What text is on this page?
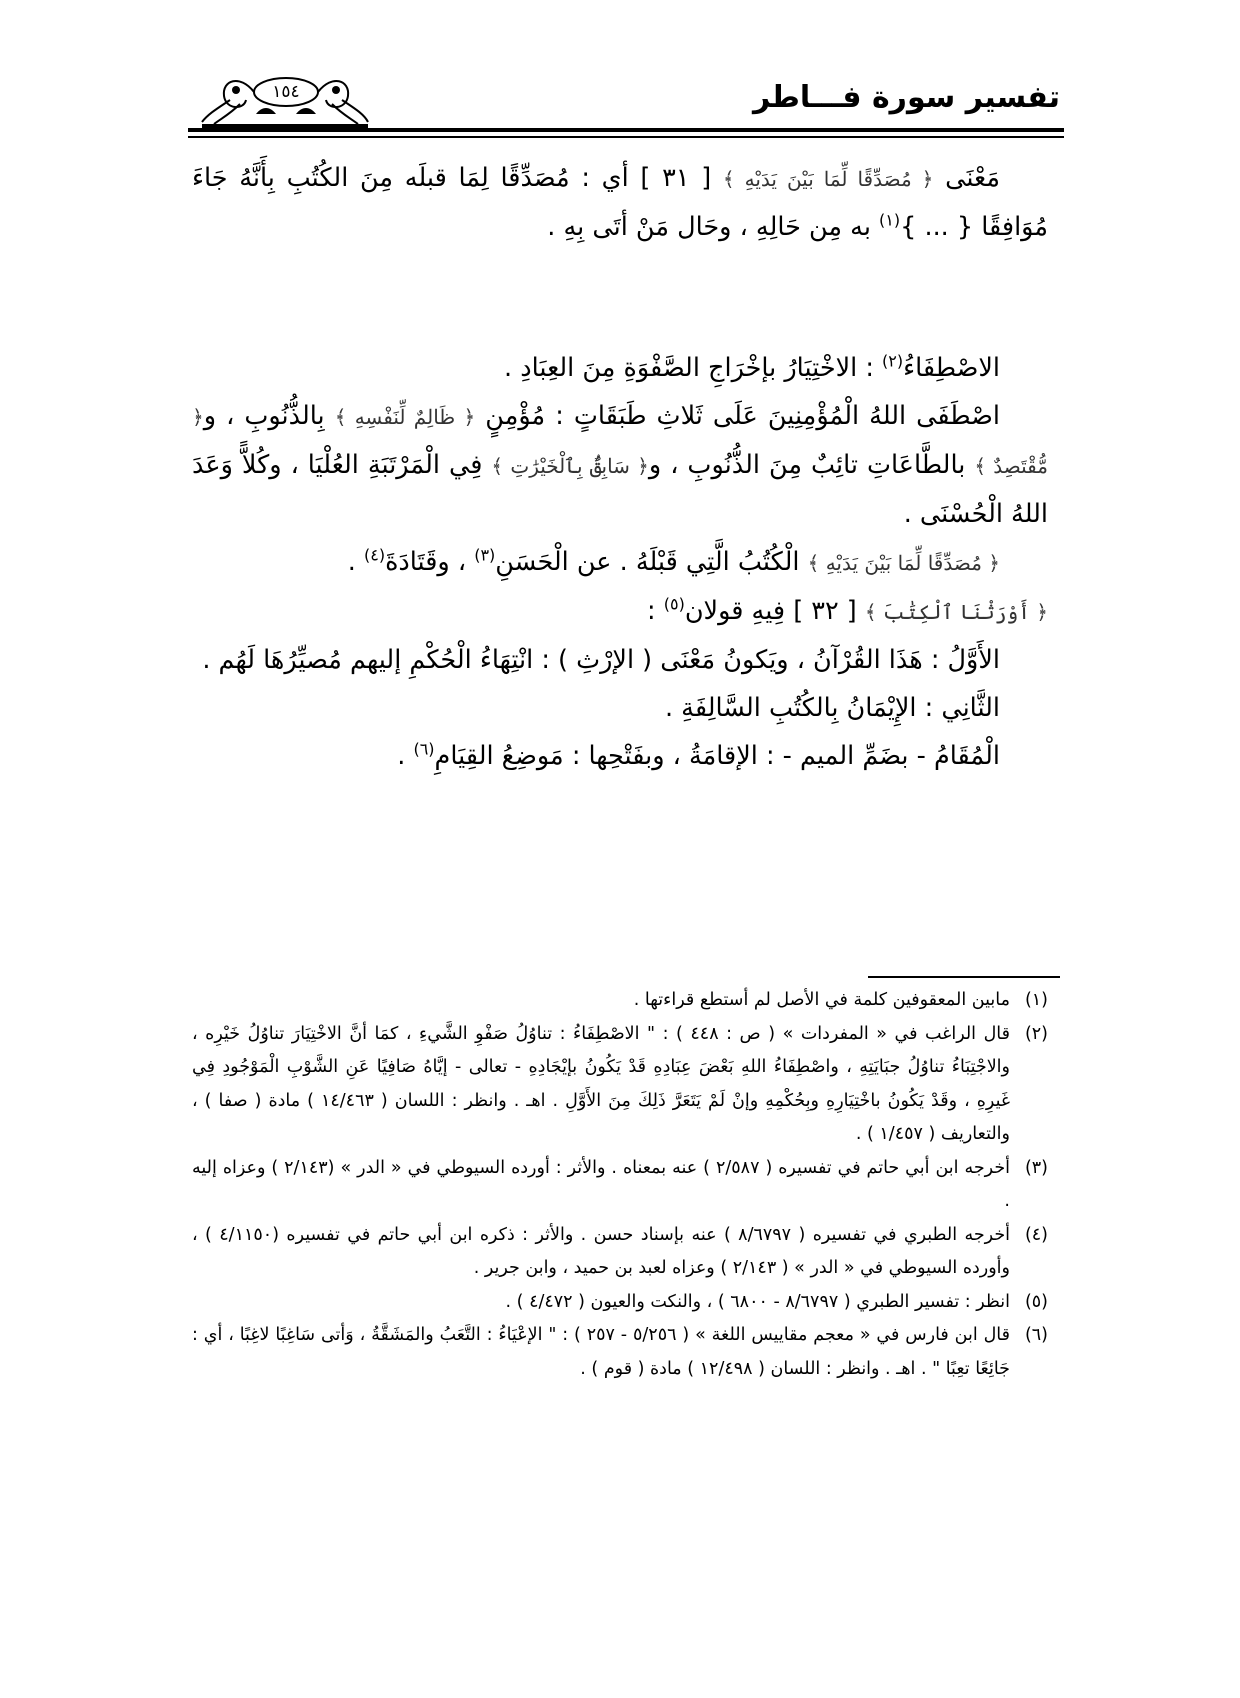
١٥٤	تفسير سورة فـــاطر

مَعْنَى ﴿ مُصَدِّقًا لِّمَا بَيْنَ يَدَيْهِ ﴾ [ ٣١ ] أي : مُصَدِّقًا لِمَا قبلَه مِنَ الكُتُبِ بِأَنَّهُ جَاءَ مُوَافِقًا { ... }$^{(١)}$ به مِن حَالِهِ ، وحَال مَنْ أتَى بِهِ .

الاصْطِفَاءُ$^{(٢)}$ : الاخْتِيَارُ بإخْرَاجِ الصَّفْوَةِ مِنَ العِبَادِ .

اصْطَفَى اللهُ الْمُؤْمِنِينَ عَلَى ثَلاثِ طَبَقَاتٍ : مُؤْمِنٍ ﴿ ظَالِمٌ لِّنَفْسِهِ ﴾ بِالذُّنُوبِ ، و﴿ مُّقْتَصِدٌ ﴾ بالطَّاعَاتِ تائِبٌ مِنَ الذُّنُوبِ ، و﴿ سَابِقٌۢ بِٱلْخَيْرَٰتِ ﴾ فِي الْمَرْتَبَةِ العُلْيَا ، وكُلاًّ وَعَدَ اللهُ الْحُسْنَى .

﴿ مُصَدِّقًا لِّمَا بَيْنَ يَدَيْهِ ﴾ الْكُتُبُ الَّتِي قَبْلَهُ . عن الْحَسَنِ$^{(٣)}$ ، وقَتَادَةَ$^{(٤)}$ .

﴿ أَوْرَثْنَا ٱلْكِتَٰبَ ﴾ [ ٣٢ ] فِيهِ قولان$^{(٥)}$ :

الأَوَّلُ : هَذَا القُرْآنُ ، ويَكونُ مَعْنَى ( الإرْثِ ) : انْتِهَاءُ الْحُكْمِ إليهم مُصيِّرُهَا لَهُم .

الثَّانِي : الإِيْمَانُ بِالكُتُبِ السَّالِفَةِ .

الْمُقَامُ - بضَمِّ الميم - : الإقامَةُ ، وبفَتْحِها : مَوضِعُ القِيَامِ$^{(٦)}$ .

(١)
مابين المعقوفين كلمة في الأصل لم أستطع قراءتها .
(٢)
قال الراغب في « المفردات » ( ص : ٤٤٨ ) : " الاصْطِفَاءُ : تناوُلُ صَفْوِ الشَّيءِ ، كمَا أنَّ الاخْتِيَارَ تناوُلُ خَيْرِه ، والاجْتِبَاءُ تناوُلُ جبَايَتِهِ ، واصْطِفَاءُ اللهِ بَعْضَ عِبَادِهِ قَدْ يَكُونُ بإيْجَادِهِ - تعالى - إيَّاهُ صَافِيًا عَنِ الشَّوْبِ الْمَوْجُودِ فِي غَيرِهِ ، وقَدْ يَكُونُ باخْتِيَارِهِ وبِحُكْمِهِ وإنْ لَمْ يَتَعَرَّ ذَلِكَ مِنَ الأَوَّلِ . اهـ . وانظر : اللسان ( ١٤/٤٦٣ ) مادة ( صفا ) ، والتعاريف ( ١/٤٥٧ ) .
(٣)
أخرجه ابن أبي حاتم في تفسيره ( ٢/٥٨٧ ) عنه بمعناه . والأثر : أورده السيوطي في « الدر » (٢/١٤٣ ) وعزاه إليه .
(٤)
أخرجه الطبري في تفسيره ( ٨/٦٧٩٧ ) عنه بإسناد حسن . والأثر : ذكره ابن أبي حاتم في تفسيره (٤/١١٥٠ ) ، وأورده السيوطي في « الدر » ( ٢/١٤٣ ) وعزاه لعبد بن حميد ، وابن جرير .
(٥)
انظر : تفسير الطبري ( ٨/٦٧٩٧ - ٦٨٠٠ ) ، والنكت والعيون ( ٤/٤٧٢ ) .
(٦)
قال ابن فارس في « معجم مقاييس اللغة » ( ٥/٢٥٦ - ٢٥٧ ) : " الإعْيَاءُ : التَّعَبُ والمَشَقَّةُ ، وَأتى سَاغِبًا لاغِبًا ، أي : جَائِعًا تعِبًا " . اهـ . وانظر : اللسان ( ١٢/٤٩٨ ) مادة ( قوم ) .
